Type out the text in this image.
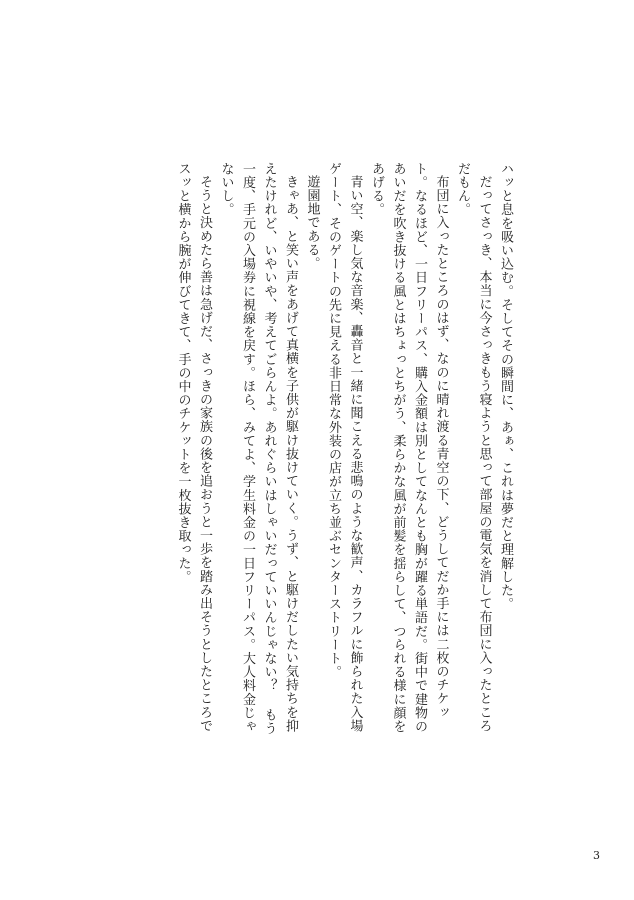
ハッと息を吸い込む。そしてその瞬間に、あぁ、これは夢だと理解した。

だってさっき、本当に今さっきもう寝ようと思って部屋の電気を消して布団に入ったところだもん。

布団に入ったところのはず、なのに晴れ渡る青空の下、どうしてだか手には二枚のチケット。なるほど、一日フリーパス、購入金額は別としてなんとも胸が躍る単語だ。街中で建物のあいだを吹き抜ける風とはちょっとちがう、柔らかな風が前髪を揺らして、つられる様に顔をあげる。

青い空、楽し気な音楽、轟音と一緒に聞こえる悲鳴のような歓声、カラフルに飾られた入場ゲート、そのゲートの先に見える非日常な外装の店が立ち並ぶセンターストリート。

遊園地である。

きゃあ、と笑い声をあげて真横を子供が駆け抜けていく。うず、と駆けだしたい気持ちを抑えたけれど、いやいや、考えてごらんよ。あれぐらいはしゃいだっていいんじゃない？ もう一度、手元の入場券に視線を戻す。ほら、みてよ、学生料金の一日フリーパス。大人料金じゃないし。

そうと決めたら善は急げだ、さっきの家族の後を追おうと一歩を踏み出そうとしたところでスッと横から腕が伸びてきて、手の中のチケットを一枚抜き取った。

3
